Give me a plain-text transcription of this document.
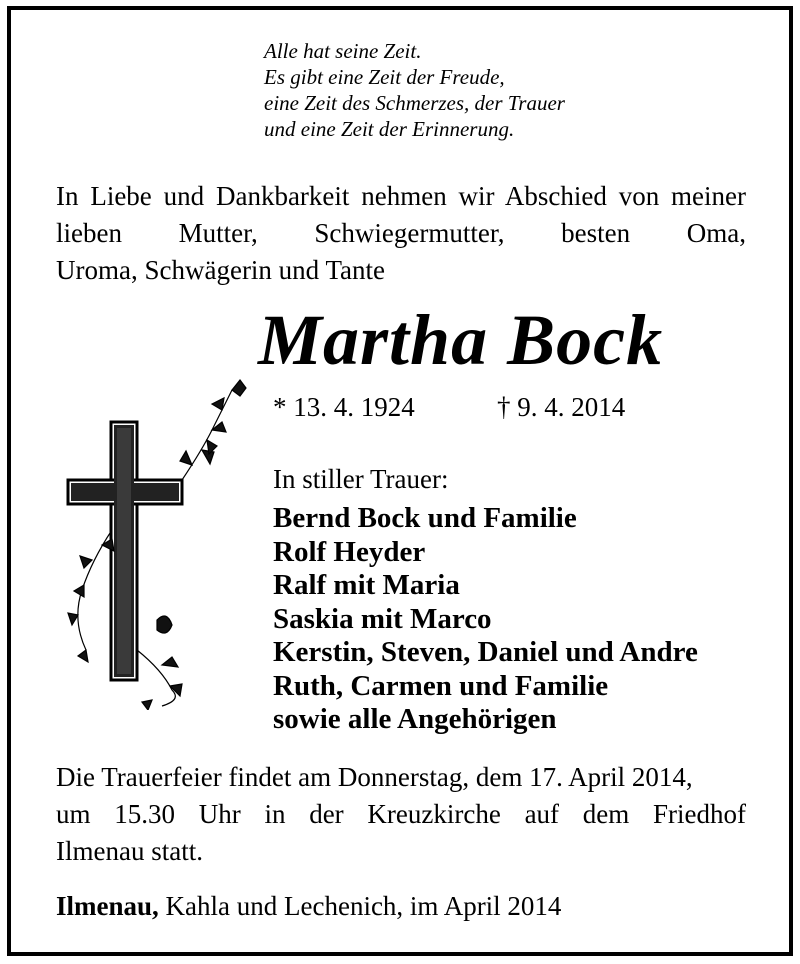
Alle hat seine Zeit.
Es gibt eine Zeit der Freude,
eine Zeit des Schmerzes, der Trauer
und eine Zeit der Erinnerung.
In Liebe und Dankbarkeit nehmen wir Abschied von meiner lieben Mutter, Schwiegermutter, besten Oma,
Uroma, Schwägerin und Tante
Martha Bock
* 13. 4. 1924	† 9. 4. 2014
In stiller Trauer:
Bernd Bock und Familie
Rolf Heyder
Ralf mit Maria
Saskia mit Marco
Kerstin, Steven, Daniel und Andre
Ruth, Carmen und Familie
sowie alle Angehörigen
Die Trauerfeier findet am Donnerstag, dem 17. April 2014,
um 15.30 Uhr in der Kreuzkirche auf dem Friedhof
Ilmenau statt.
Ilmenau, Kahla und Lechenich, im April 2014
